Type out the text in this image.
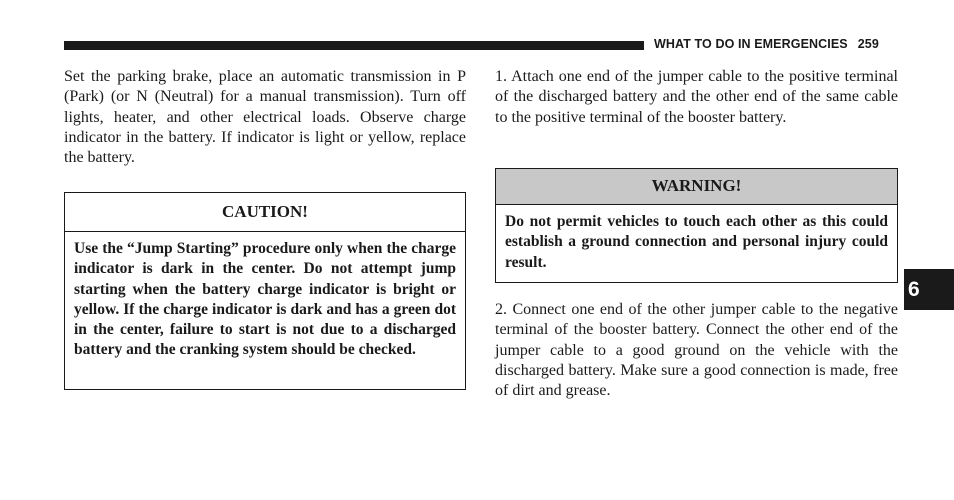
WHAT TO DO IN EMERGENCIES 259

Set the parking brake, place an automatic transmission in P (Park) (or N (Neutral) for a manual transmission). Turn off lights, heater, and other electrical loads. Observe charge indicator in the battery. If indicator is light or yellow, replace the battery.

CAUTION!

Use the “Jump Starting” procedure only when the charge indicator is dark in the center. Do not attempt jump starting when the battery charge indicator is bright or yellow. If the charge indicator is dark and has a green dot in the center, failure to start is not due to a discharged battery and the cranking system should be checked.

1. Attach one end of the jumper cable to the positive terminal of the discharged battery and the other end of the same cable to the positive terminal of the booster battery.

WARNING!

Do not permit vehicles to touch each other as this could establish a ground connection and personal injury could result.

2. Connect one end of the other jumper cable to the negative terminal of the booster battery. Connect the other end of the jumper cable to a good ground on the vehicle with the discharged battery. Make sure a good connection is made, free of dirt and grease.

6
